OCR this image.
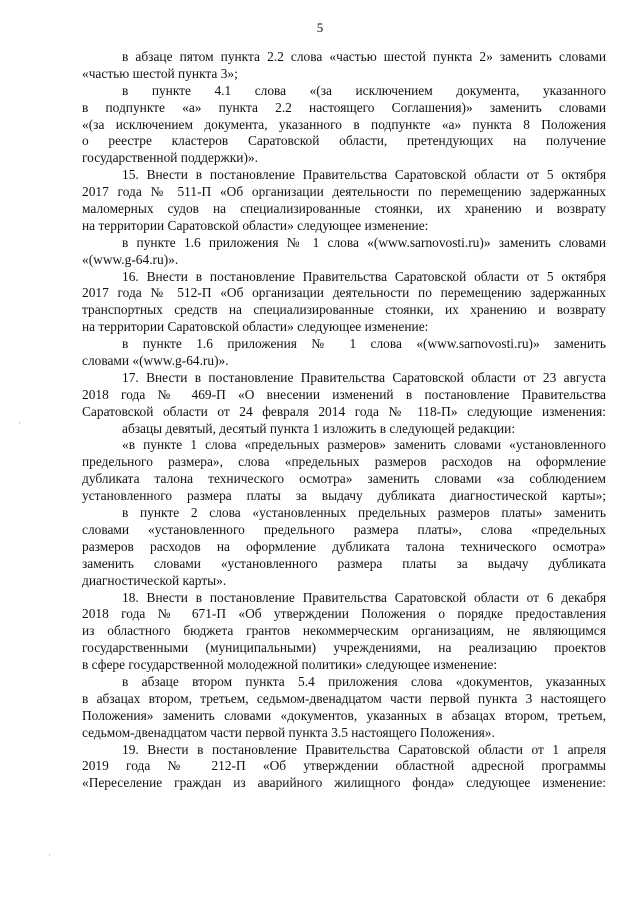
5
в абзаце пятом пункта 2.2 слова «частью шестой пункта 2» заменить словами
«частью шестой пункта 3»;
в пункте 4.1 слова «(за исключением документа, указанного
в подпункте «а» пункта 2.2 настоящего Соглашения)» заменить словами
«(за исключением документа, указанного в подпункте «а» пункта 8 Положения
о реестре кластеров Саратовской области, претендующих на получение
государственной поддержки)».
15. Внести в постановление Правительства Саратовской области от 5 октября
2017 года № 511-П «Об организации деятельности по перемещению задержанных
маломерных судов на специализированные стоянки, их хранению и возврату
на территории Саратовской области» следующее изменение:
в пункте 1.6 приложения № 1 слова «(www.sarnovosti.ru)» заменить словами
«(www.g-64.ru)».
16. Внести в постановление Правительства Саратовской области от 5 октября
2017 года № 512-П «Об организации деятельности по перемещению задержанных
транспортных средств на специализированные стоянки, их хранению и возврату
на территории Саратовской области» следующее изменение:
в пункте 1.6 приложения № 1 слова «(www.sarnovosti.ru)» заменить
словами «(www.g-64.ru)».
17. Внести в постановление Правительства Саратовской области от 23 августа
2018 года № 469-П «О внесении изменений в постановление Правительства
Саратовской области от 24 февраля 2014 года № 118-П» следующие изменения:
абзацы девятый, десятый пункта 1 изложить в следующей редакции:
«в пункте 1 слова «предельных размеров» заменить словами «установленного
предельного размера», слова «предельных размеров расходов на оформление
дубликата талона технического осмотра» заменить словами «за соблюдением
установленного размера платы за выдачу дубликата диагностической карты»;
в пункте 2 слова «установленных предельных размеров платы» заменить
словами «установленного предельного размера платы», слова «предельных
размеров расходов на оформление дубликата талона технического осмотра»
заменить словами «установленного размера платы за выдачу дубликата
диагностической карты».
18. Внести в постановление Правительства Саратовской области от 6 декабря
2018 года № 671-П «Об утверждении Положения о порядке предоставления
из областного бюджета грантов некоммерческим организациям, не являющимся
государственными (муниципальными) учреждениями, на реализацию проектов
в сфере государственной молодежной политики» следующее изменение:
в абзаце втором пункта 5.4 приложения слова «документов, указанных
в абзацах втором, третьем, седьмом-двенадцатом части первой пункта 3 настоящего
Положения» заменить словами «документов, указанных в абзацах втором, третьем,
седьмом-двенадцатом части первой пункта 3.5 настоящего Положения».
19. Внести в постановление Правительства Саратовской области от 1 апреля
2019 года № 212-П «Об утверждении областной адресной программы
«Переселение граждан из аварийного жилищного фонда» следующее изменение:
·
·
